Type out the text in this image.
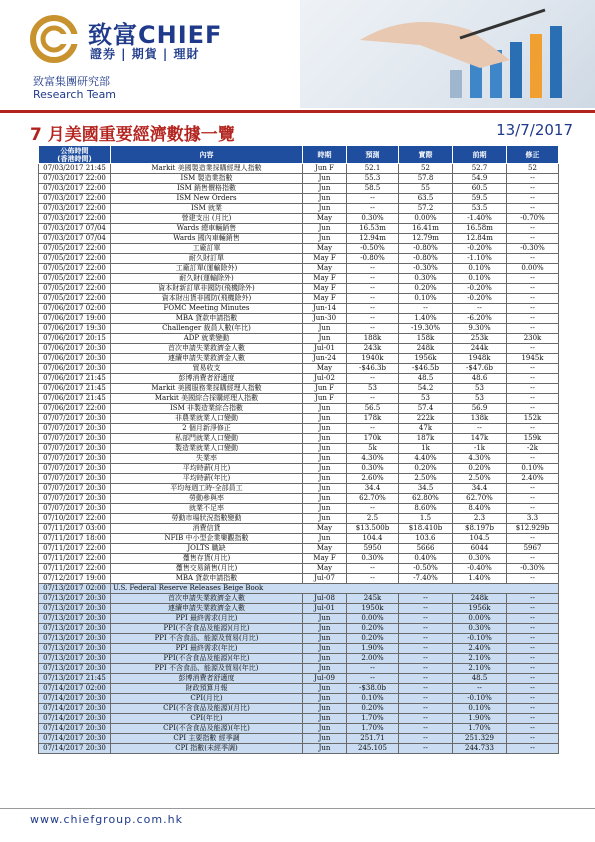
致富CHIEF
證券 | 期貨 | 理財
致富集團研究部
Research Team
7 月美國重要經濟數據一覽	13/7/2017
公佈時間
(香港時間)	內容	時期	預測	實際	前期	修正
07/03/2017 21:45	Markit 美國製造業採購經理人指數	Jun F	52.1	52	52.7	52
07/03/2017 22:00	ISM 製造業指數	Jun	55.3	57.8	54.9	--
07/03/2017 22:00	ISM 銷售價格指數	Jun	58.5	55	60.5	--
07/03/2017 22:00	ISM New Orders	Jun	--	63.5	59.5	--
07/03/2017 22:00	ISM 就業	Jun	--	57.2	53.5	--
07/03/2017 22:00	營建支出 (月比)	May	0.30%	0.00%	-1.40%	-0.70%
07/03/2017 07/04	Wards 總車輛銷售	Jun	16.53m	16.41m	16.58m	--
07/03/2017 07/04	Wards 國內車輛銷售	Jun	12.94m	12.79m	12.84m	--
07/05/2017 22:00	工廠訂單	May	-0.50%	-0.80%	-0.20%	-0.30%
07/05/2017 22:00	耐久財訂單	May F	-0.80%	-0.80%	-1.10%	--
07/05/2017 22:00	工廠訂單(運輸除外)	May	--	-0.30%	0.10%	0.00%
07/05/2017 22:00	耐久財(運輸除外)	May F	--	0.30%	0.10%	--
07/05/2017 22:00	資本財新訂單非國防(飛機除外)	May F	--	0.20%	-0.20%	--
07/05/2017 22:00	資本財出貨非國防(飛機除外)	May F	--	0.10%	-0.20%	--
07/06/2017 02:00	FOMC Meeting Minutes	Jun-14	--	--	--	--
07/06/2017 19:00	MBA 貸款申請指數	Jun-30	--	1.40%	-6.20%	--
07/06/2017 19:30	Challenger 裁員人數(年比)	Jun	--	-19.30%	9.30%	--
07/06/2017 20:15	ADP 就業變動	Jun	188k	158k	253k	230k
07/06/2017 20:30	首次申請失業救濟金人數	Jul-01	243k	248k	244k	--
07/06/2017 20:30	連續申請失業救濟金人數	Jun-24	1940k	1956k	1948k	1945k
07/06/2017 20:30	貿易收支	May	-$46.3b	-$46.5b	-$47.6b	--
07/06/2017 21:45	彭博消費者舒適度	Jul-02	--	48.5	48.6	--
07/06/2017 21:45	Markit 美國服務業採購經理人指數	Jun F	53	54.2	53	--
07/06/2017 21:45	Markit 美國綜合採購經理人指數	Jun F	--	53	53	--
07/06/2017 22:00	ISM 非製造業綜合指數	Jun	56.5	57.4	56.9	--
07/07/2017 20:30	非農業就業人口變動	Jun	178k	222k	138k	152k
07/07/2017 20:30	2 個月新淨修正	Jun	--	47k	--	--
07/07/2017 20:30	私部門就業人口變動	Jun	170k	187k	147k	159k
07/07/2017 20:30	製造業就業人口變動	Jun	5k	1k	-1k	-2k
07/07/2017 20:30	失業率	Jun	4.30%	4.40%	4.30%	--
07/07/2017 20:30	平均時薪(月比)	Jun	0.30%	0.20%	0.20%	0.10%
07/07/2017 20:30	平均時薪(年比)	Jun	2.60%	2.50%	2.50%	2.40%
07/07/2017 20:30	平均每週工時-全部員工	Jun	34.4	34.5	34.4	--
07/07/2017 20:30	勞動參與率	Jun	62.70%	62.80%	62.70%	--
07/07/2017 20:30	就業不足率	Jun	--	8.60%	8.40%	--
07/10/2017 22:00	勞動市場狀況指數變動	Jun	2.5	1.5	2.3	3.3
07/11/2017 03:00	消費信貸	May	$13.500b	$18.410b	$8.197b	$12.929b
07/11/2017 18:00	NFIB 中小型企業樂觀指數	Jun	104.4	103.6	104.5	--
07/11/2017 22:00	JOLTS 職缺	May	5950	5666	6044	5967
07/11/2017 22:00	躉售存貨(月比)	May F	0.30%	0.40%	0.30%	--
07/11/2017 22:00	躉售交易銷售(月比)	May	--	-0.50%	-0.40%	-0.30%
07/12/2017 19:00	MBA 貸款申請指數	Jul-07	--	-7.40%	1.40%	--
07/13/2017 02:00	U.S. Federal Reserve Releases Beige Book					
07/13/2017 20:30	首次申請失業救濟金人數	Jul-08	245k	--	248k	--
07/13/2017 20:30	連續申請失業救濟金人數	Jul-01	1950k	--	1956k	--
07/13/2017 20:30	PPI 最終需求(月比)	Jun	0.00%	--	0.00%	--
07/13/2017 20:30	PPI(不含食品及能源)(月比)	Jun	0.20%	--	0.30%	--
07/13/2017 20:30	PPI 不含食品、能源及貿易(月比)	Jun	0.20%	--	-0.10%	--
07/13/2017 20:30	PPI 最終需求(年比)	Jun	1.90%	--	2.40%	--
07/13/2017 20:30	PPI(不含食品及能源)(年比)	Jun	2.00%	--	2.10%	--
07/13/2017 20:30	PPI 不含食品、能源及貿易(年比)	Jun	--	--	2.10%	--
07/13/2017 21:45	彭博消費者舒適度	Jul-09	--	--	48.5	--
07/14/2017 02:00	財政預算月報	Jun	-$38.0b	--	--	--
07/14/2017 20:30	CPI(月比)	Jun	0.10%	--	-0.10%	--
07/14/2017 20:30	CPI(不含食品及能源)(月比)	Jun	0.20%	--	0.10%	--
07/14/2017 20:30	CPI(年比)	Jun	1.70%	--	1.90%	--
07/14/2017 20:30	CPI(不含食品及能源)(年比)	Jun	1.70%	--	1.70%	--
07/14/2017 20:30	CPI 主要指數 經季調	Jun	251.71	--	251.329	--
07/14/2017 20:30	CPI 指數(未經季調)	Jun	245.105	--	244.733	--
www.chiefgroup.com.hk
